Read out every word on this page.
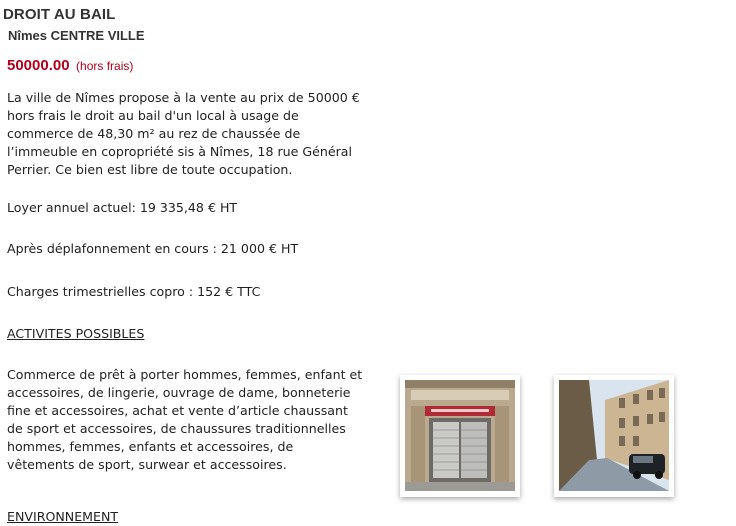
DROIT AU BAIL
Nîmes CENTRE VILLE
50000.00 (hors frais)

La ville de Nîmes propose à la vente au prix de 50000 € hors frais le droit au bail d'un local à usage de commerce de 48,30 m² au rez de chaussée de l’immeuble en copropriété sis à Nîmes, 18 rue Général Perrier. Ce bien est libre de toute occupation.

Loyer annuel actuel: 19 335,48 € HT

Après déplafonnement en cours : 21 000 € HT

Charges trimestrielles copro : 152 € TTC

ACTIVITES POSSIBLES

Commerce de prêt à porter hommes, femmes, enfant et accessoires, de lingerie, ouvrage de dame, bonneterie fine et accessoires, achat et vente d’article chaussant de sport et accessoires, de chaussures traditionnelles hommes, femmes, enfants et accessoires, de vêtements de sport, surwear et accessoires.

ENVIRONNEMENT
